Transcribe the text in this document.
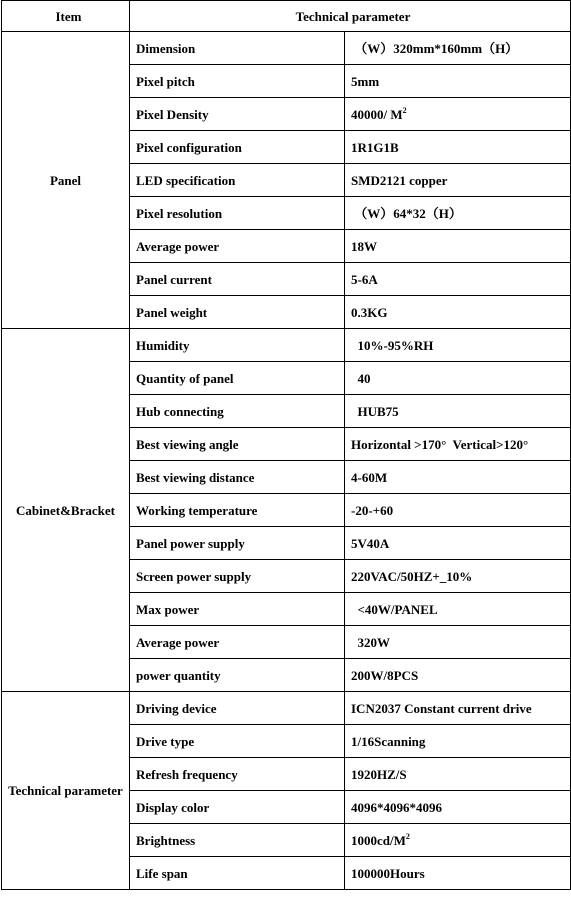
Item	Technical parameter	
Panel	Dimension	（W）320mm*160mm（H）
	Pixel pitch	5mm
	Pixel Density	40000/ $M^2$
	Pixel configuration	1R1G1B
	LED specification	SMD2121 copper
	Pixel resolution	（W）64*32（H）
	Average power	18W
	Panel current	5-6A
	Panel weight	0.3KG
Cabinet&Bracket	Humidity	10%-95%RH
	Quantity of panel	40
	Hub connecting	HUB75
	Best viewing angle	Horizontal >170°  Vertical>120°
	Best viewing distance	4-60M
	Working temperature	-20-+60
	Panel power supply	5V40A
	Screen power supply	220VAC/50HZ+_10%
	Max power	<40W/PANEL
	Average power	320W
	power quantity	200W/8PCS
Technical parameter	Driving device	ICN2037 Constant current drive
	Drive type	1/16Scanning
	Refresh frequency	1920HZ/S
	Display color	4096*4096*4096
	Brightness	$1000cd/M^2$
	Life span	100000Hours
